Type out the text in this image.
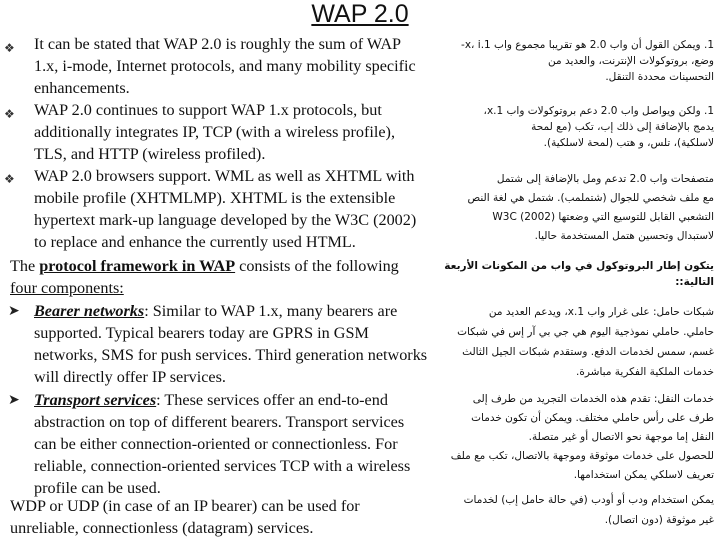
WAP 2.0
❖ It can be stated that WAP 2.0 is roughly the sum of WAP
1.x, i-mode, Internet protocols, and many mobility specific
enhancements.
1. ‏ويمكن القول أن واب 2.0 هو تقريبا مجموع واب 1.x، i-
وضع، بروتوكولات الإنترنت، والعديد من
التحسينات محددة التنقل.
❖ WAP 2.0 continues to support WAP 1.x protocols, but
additionally integrates IP, TCP (with a wireless profile),
TLS, and HTTP (wireless profiled).
1. ولكن ويواصل واب 2.0 دعم بروتوكولات واب 1.x،
يدمج بالإضافة إلى ذلك إب، تكب (مع لمحة
لاسلكية)، تلس، و هتب (لمحة لاسلكية).
❖ WAP 2.0 browsers support. WML as well as XHTML with
mobile profile (XHTMLMP). XHTML is the extensible
hypertext mark-up language developed by the W3C (2002)
to replace and enhance the currently used HTML.
متصفحات واب 2.0 تدعم ومل بالإضافة إلى شتمل
مع ملف شخصي للجوال (شتملمب). شتمل هي لغة النص
التشعبي القابل للتوسيع التي وضعتها W3C (2002)
لاستبدال وتحسين هتمل المستخدمة حاليا.
The protocol framework in WAP consists of the following
four components:
يتكون إطار البروتوكول في واب من المكونات الأربعة
التالية::
➤ Bearer networks: Similar to WAP 1.x, many bearers are
supported. Typical bearers today are GPRS in GSM
networks, SMS for push services. Third generation networks
will directly offer IP services.
شبكات حامل: على غرار واب 1.x، ويدعم العديد من
حاملي. حاملي نموذجية اليوم هي جي بي آر إس في شبكات
غسم، سمس لخدمات الدفع. وستقدم شبكات الجيل الثالث
خدمات الملكية الفكرية مباشرة.
➤ Transport services: These services offer an end-to-end
abstraction on top of different bearers. Transport services
can be either connection-oriented or connectionless. For
reliable, connection-oriented services TCP with a wireless
profile can be used.
خدمات النقل: تقدم هذه الخدمات التجريد من طرف إلى
طرف على رأس حاملي مختلف. ويمكن أن تكون خدمات
النقل إما موجهة نحو الاتصال أو غير متصلة.
للحصول على خدمات موثوقة وموجهة بالاتصال، تكب مع ملف
تعريف لاسلكي يمكن استخدامها.
WDP or UDP (in case of an IP bearer) can be used for
unreliable, connectionless (datagram) services.
يمكن استخدام ودب أو أودب (في حالة حامل إب) لخدمات
غير موثوقة (دون اتصال).
